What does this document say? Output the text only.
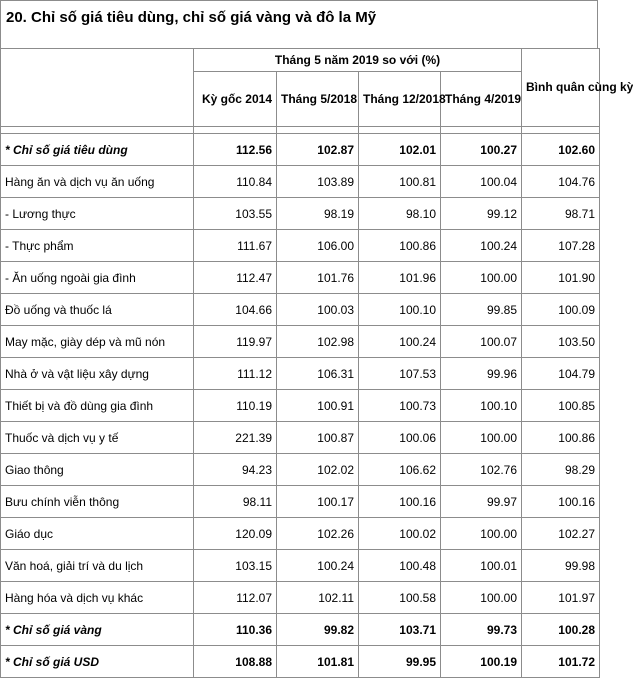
20. Chỉ số giá tiêu dùng, chỉ số giá vàng và đô la Mỹ
	Tháng 5 năm 2019 so với (%)				Bình quân cùng kỳ
	Kỳ gốc 2014	Tháng 5/2018	Tháng 12/2018	Tháng 4/2019	

* Chỉ số giá tiêu dùng	112.56	102.87	102.01	100.27	102.60
Hàng ăn và dịch vụ ăn uống	110.84	103.89	100.81	100.04	104.76
- Lương thực	103.55	98.19	98.10	99.12	98.71
- Thực phẩm	111.67	106.00	100.86	100.24	107.28
- Ăn uống ngoài gia đình	112.47	101.76	101.96	100.00	101.90
Đồ uống và thuốc lá	104.66	100.03	100.10	99.85	100.09
May mặc, giày dép và mũ nón	119.97	102.98	100.24	100.07	103.50
Nhà ở và vật liệu xây dựng	111.12	106.31	107.53	99.96	104.79
Thiết bị và đồ dùng gia đình	110.19	100.91	100.73	100.10	100.85
Thuốc và dịch vụ y tế	221.39	100.87	100.06	100.00	100.86
Giao thông	94.23	102.02	106.62	102.76	98.29
Bưu chính viễn thông	98.11	100.17	100.16	99.97	100.16
Giáo dục	120.09	102.26	100.02	100.00	102.27
Văn hoá, giải trí và du lịch	103.15	100.24	100.48	100.01	99.98
Hàng hóa và dịch vụ khác	112.07	102.11	100.58	100.00	101.97
* Chỉ số giá vàng	110.36	99.82	103.71	99.73	100.28
* Chỉ số giá USD	108.88	101.81	99.95	100.19	101.72
